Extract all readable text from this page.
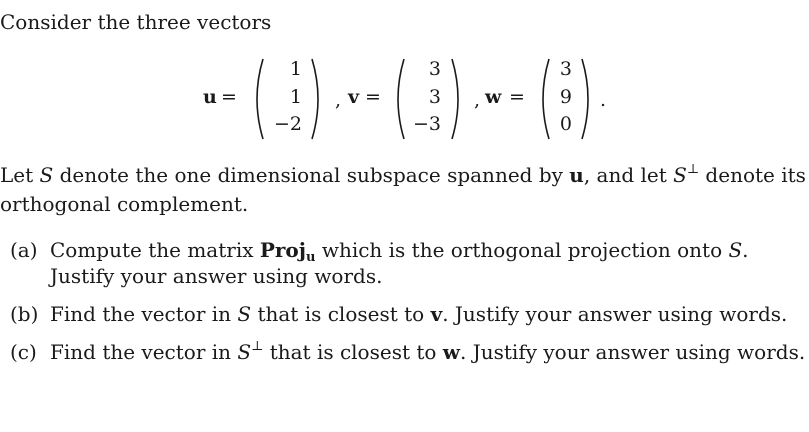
Consider the three vectors
u =
1
1
−2
, v =
3
3
−3
, w =
3
9
0
.
Let S denote the one dimensional subspace spanned by u, and let S⊥ denote its
orthogonal complement.
(a) Compute the matrix Proj$_u$ which is the orthogonal projection onto S.
Justify your answer using words.
(b) Find the vector in S that is closest to v. Justify your answer using words.
(c) Find the vector in S⊥ that is closest to w. Justify your answer using words.
